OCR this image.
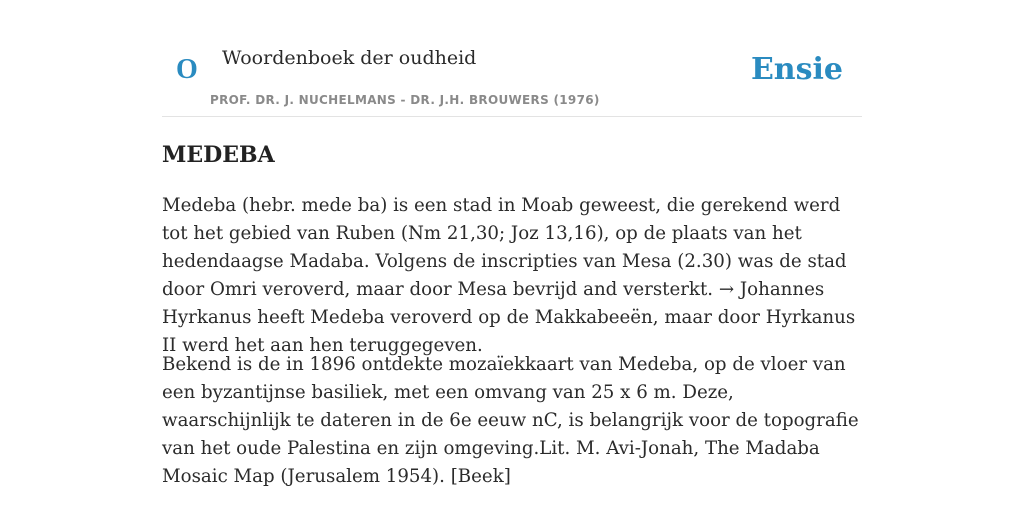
O Woordenboek der oudheid
PROF. DR. J. NUCHELMANS - DR. J.H. BROUWERS (1976)
Ensie
MEDEBA

Medeba (hebr. mede ba) is een stad in Moab geweest, die gerekend werd tot het gebied van Ruben (Nm 21,30; Joz 13,16), op de plaats van het hedendaagse Madaba. Volgens de inscripties van Mesa (2.30) was de stad door Omri veroverd, maar door Mesa bevrijd and versterkt. → Johannes Hyrkanus heeft Medeba veroverd op de Makkabeeën, maar door Hyrkanus II werd het aan hen teruggegeven.

Bekend is de in 1896 ontdekte mozaïekkaart van Medeba, op de vloer van een byzantijnse basiliek, met een omvang van 25 x 6 m. Deze, waarschijnlijk te dateren in de 6e eeuw nC, is belangrijk voor de topografie van het oude Palestina en zijn omgeving.Lit. M. Avi-Jonah, The Madaba Mosaic Map (Jerusalem 1954). [Beek]
